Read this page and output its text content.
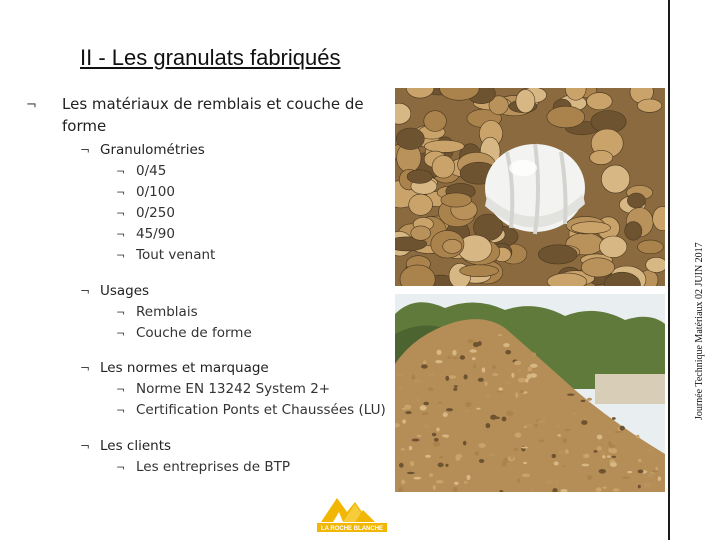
II - Les granulats fabriqués
¬ Les matériaux de remblais et couche de forme
¬ Granulométries
¬ 0/45
¬ 0/100
¬ 0/250
¬ 45/90
¬ Tout venant
¬ Usages
¬ Remblais
¬ Couche de forme
¬ Les normes et marquage
¬ Norme EN 13242 System 2+
¬ Certification Ponts et Chaussées (LU)
¬ Les clients
¬ Les entreprises de BTP
Journée Technique Matériaux 02 JUIN 2017
LA ROCHE BLANCHE
